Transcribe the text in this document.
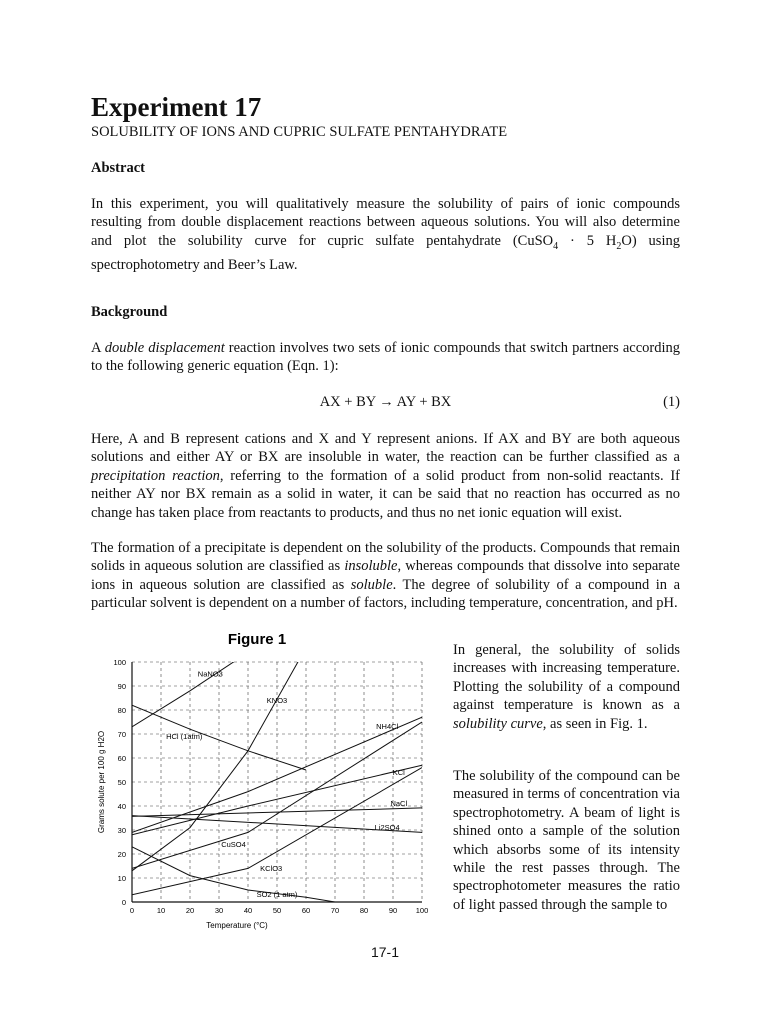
Experiment 17
SOLUBILITY OF IONS AND CUPRIC SULFATE PENTAHYDRATE
Abstract

In this experiment, you will qualitatively measure the solubility of pairs of ionic compounds resulting from double displacement reactions between aqueous solutions. You will also determine and plot the solubility curve for cupric sulfate pentahydrate (CuSO$_4$ · 5 $H_2O$) using spectrophotometry and Beer’s Law.

Background

A double displacement reaction involves two sets of ionic compounds that switch partners according to the following generic equation (Eqn. 1):

AX + BY → AY + BX	(1)

Here, A and B represent cations and X and Y represent anions. If AX and BY are both aqueous solutions and either AY or BX are insoluble in water, the reaction can be further classified as a precipitation reaction, referring to the formation of a solid product from non-solid reactants. If neither AY nor BX remain as a solid in water, it can be said that no reaction has occurred as no change has taken place from reactants to products, and thus no net ionic equation will exist.

The formation of a precipitate is dependent on the solubility of the products. Compounds that remain solids in aqueous solution are classified as insoluble, whereas compounds that dissolve into separate ions in aqueous solution are classified as soluble. The degree of solubility of a compound in a particular solvent is dependent on a number of factors, including temperature, concentration, and pH.

Figure 1
0	10	20	30	40	50	60	70	80	90 100
0
10
20
30
40
50
60
70
80
90
100
Temperature (°C)
Grams solute per 100 g H2O
NaNO3
KNO3
NH4Cl
HCl (1atm)
KCl
NaCl
Li2SO4
CuSO4
KClO3
SO2 (1 atm)

In general, the solubility of solids increases with increasing temperature. Plotting the solubility of a compound against temperature is known as a solubility curve, as seen in Fig. 1.

The solubility of the compound can be measured in terms of concentration via spectrophotometry. A beam of light is shined onto a sample of the solution which absorbs some of its intensity while the rest passes through. The spectrophotometer measures the ratio of light passed through the sample to

17-1
